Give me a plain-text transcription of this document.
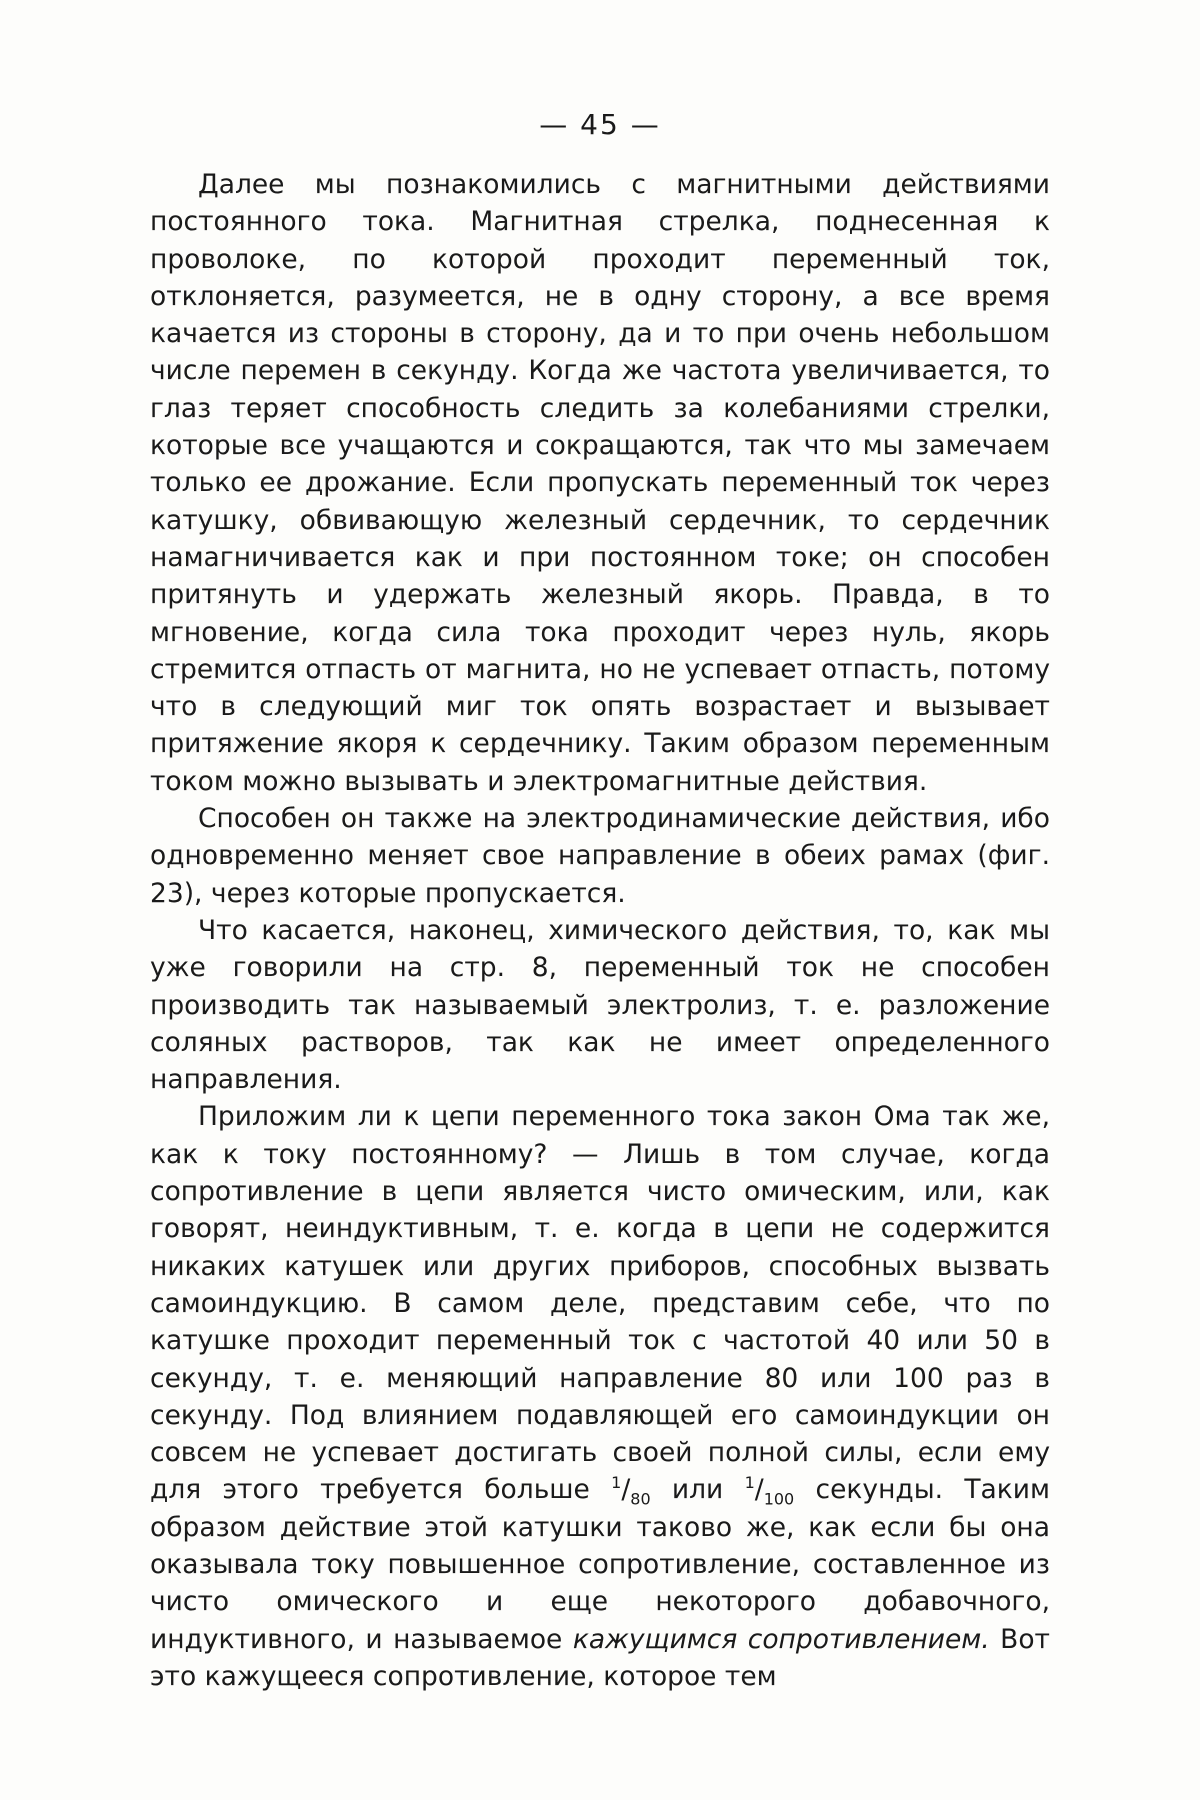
— 45 —

Далее мы познакомились с магнитными действиями постоянного тока. Магнитная стрелка, поднесенная к проволоке, по которой проходит переменный ток, отклоняется, разумеется, не в одну сторону, а все время качается из стороны в сторону, да и то при очень небольшом числе перемен в секунду. Когда же частота увеличивается, то глаз теряет способность следить за колебаниями стрелки, которые все учащаются и сокращаются, так что мы замечаем только ее дрожание. Если пропускать переменный ток через катушку, обвивающую железный сердечник, то сердечник намагничивается как и при постоянном токе; он способен притянуть и удержать железный якорь. Правда, в то мгновение, когда сила тока проходит через нуль, якорь стремится отпасть от магнита, но не успевает отпасть, потому что в следующий миг ток опять возрастает и вызывает притяжение якоря к сердечнику. Таким образом переменным током можно вызывать и электромагнитные действия.

Способен он также на электродинамические действия, ибо одновременно меняет свое направление в обеих рамах (фиг. 23), через которые пропускается.

Что касается, наконец, химического действия, то, как мы уже говорили на стр. 8, переменный ток не способен производить так называемый электролиз, т. е. разложение соляных растворов, так как не имеет определенного направления.

Приложим ли к цепи переменного тока закон Ома так же, как к току постоянному? — Лишь в том случае, когда сопротивление в цепи является чисто омическим, или, как говорят, неиндуктивным, т. е. когда в цепи не содержится никаких катушек или других приборов, способных вызвать самоиндукцию. В самом деле, представим себе, что по катушке проходит переменный ток с частотой 40 или 50 в секунду, т. е. меняющий направление 80 или 100 раз в секунду. Под влиянием подавляющей его самоиндукции он совсем не успевает достигать своей полной силы, если ему для этого требуется больше $^1/_{80}$ или $^1/_{100}$ секунды. Таким образом действие этой катушки таково же, как если бы она оказывала току повышенное сопротивление, составленное из чисто омического и еще некоторого добавочного, индуктивного, и называемое кажущимся сопротивлением. Вот это кажущееся сопротивление, которое тем
